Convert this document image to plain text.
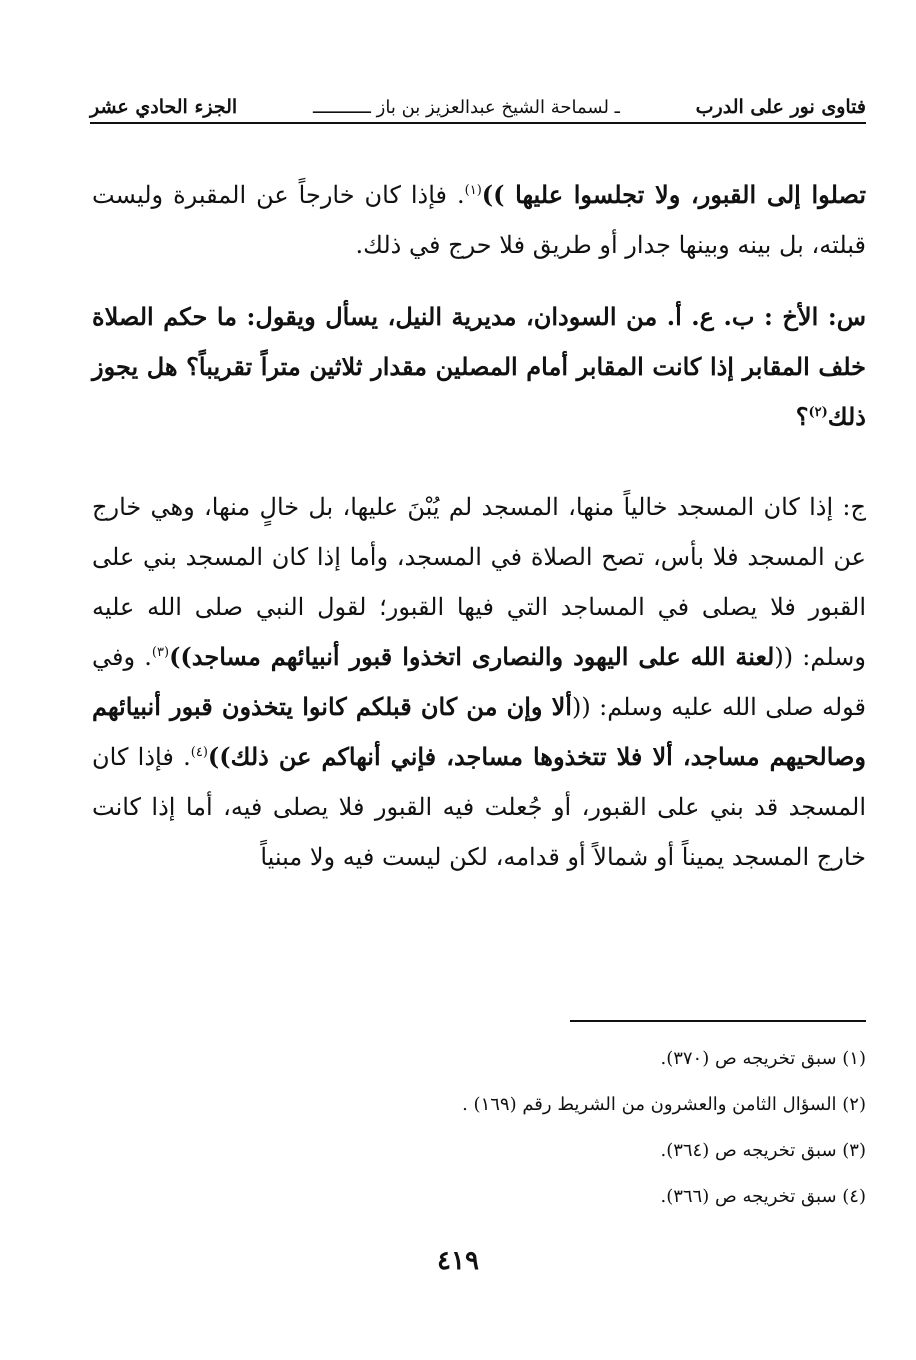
فتاوى نور على الدرب
ـ لسماحة الشيخ عبدالعزيز بن باز ـــــــــــ
الجزء الحادي عشر

تصلوا إلى القبور، ولا تجلسوا عليها ))$^{(١)}$. فإذا كان خارجاً عن المقبرة وليست قبلته، بل بينه وبينها جدار أو طريق فلا حرج في ذلك.

س: الأخ : ب. ع. أ. من السودان، مديرية النيل، يسأل ويقول: ما حكم الصلاة خلف المقابر إذا كانت المقابر أمام المصلين مقدار ثلاثين متراً تقريباً؟ هل يجوز ذلك$^{(٢)}$؟

ج: إذا كان المسجد خالياً منها، المسجد لم يُبْنَ عليها، بل خالٍ منها، وهي خارج عن المسجد فلا بأس، تصح الصلاة في المسجد، وأما إذا كان المسجد بني على القبور فلا يصلى في المساجد التي فيها القبور؛ لقول النبي صلى الله عليه وسلم: ((لعنة الله على اليهود والنصارى اتخذوا قبور أنبيائهم مساجد))$^{(٣)}$. وفي قوله صلى الله عليه وسلم: ((ألا وإن من كان قبلكم كانوا يتخذون قبور أنبيائهم وصالحيهم مساجد، ألا فلا تتخذوها مساجد، فإني أنهاكم عن ذلك))$^{(٤)}$. فإذا كان المسجد قد بني على القبور، أو جُعلت فيه القبور فلا يصلى فيه، أما إذا كانت خارج المسجد يميناً أو شمالاً أو قدامه، لكن ليست فيه ولا مبنياً

(١) سبق تخريجه ص (٣٧٠).
(٢) السؤال الثامن والعشرون من الشريط رقم (١٦٩) .
(٣) سبق تخريجه ص (٣٦٤).
(٤) سبق تخريجه ص (٣٦٦).
٤١٩
